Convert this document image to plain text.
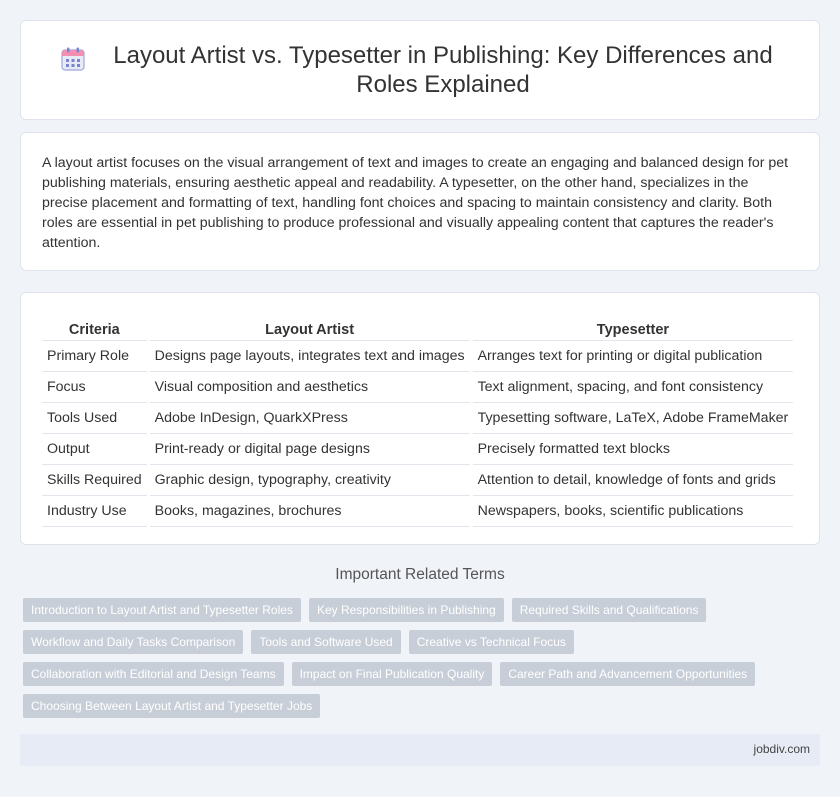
Layout Artist vs. Typesetter in Publishing: Key Differences and Roles Explained

A layout artist focuses on the visual arrangement of text and images to create an engaging and balanced design for pet publishing materials, ensuring aesthetic appeal and readability. A typesetter, on the other hand, specializes in the precise placement and formatting of text, handling font choices and spacing to maintain consistency and clarity. Both roles are essential in pet publishing to produce professional and visually appealing content that captures the reader's attention.

Criteria	Layout Artist	Typesetter
Primary Role	Designs page layouts, integrates text and images	Arranges text for printing or digital publication
Focus	Visual composition and aesthetics	Text alignment, spacing, and font consistency
Tools Used	Adobe InDesign, QuarkXPress	Typesetting software, LaTeX, Adobe FrameMaker
Output	Print-ready or digital page designs	Precisely formatted text blocks
Skills Required	Graphic design, typography, creativity	Attention to detail, knowledge of fonts and grids
Industry Use	Books, magazines, brochures	Newspapers, books, scientific publications
Important Related Terms
Introduction to Layout Artist and Typesetter Roles	Key Responsibilities in Publishing	Required Skills and Qualifications
Workflow and Daily Tasks Comparison	Tools and Software Used	Creative vs Technical Focus
Collaboration with Editorial and Design Teams	Impact on Final Publication Quality	Career Path and Advancement Opportunities
Choosing Between Layout Artist and Typesetter Jobs
jobdiv.com
